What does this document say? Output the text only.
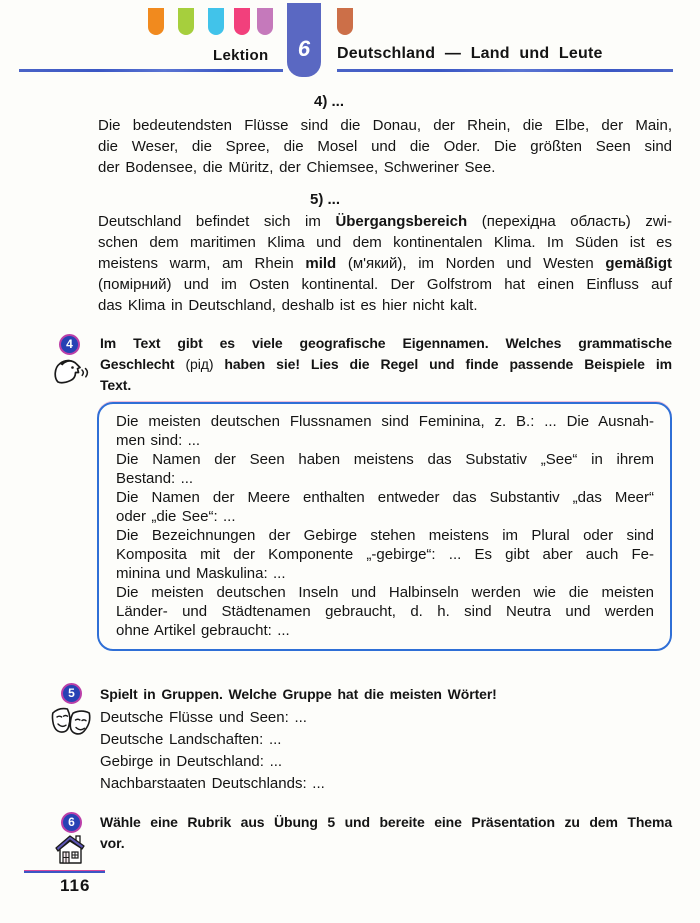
6
Lektion	Deutschland — Land und Leute
4) ...
Die bedeutendsten Flüsse sind die Donau, der Rhein, die Elbe, der Main,
die Weser, die Spree, die Mosel und die Oder. Die größten Seen sind
der Bodensee, die Müritz, der Chiemsee, Schweriner See.
5) ...
Deutschland befindet sich im Übergangsbereich (перехідна область) zwi-
schen dem maritimen Klima und dem kontinentalen Klima. Im Süden ist es
meistens warm, am Rhein mild (м'який), im Norden und Westen gemäßigt
(помірний) und im Osten kontinental. Der Golfstrom hat einen Einfluss auf
das Klima in Deutschland, deshalb ist es hier nicht kalt.
4	Im Text gibt es viele geografische Eigennamen. Welches grammatische
Geschlecht (рід) haben sie! Lies die Regel und finde passende Beispiele im
Text.
Die meisten deutschen Flussnamen sind Feminina, z. B.: ... Die Ausnah-
men sind: ...
Die Namen der Seen haben meistens das Substativ „See“ in ihrem
Bestand: ...
Die Namen der Meere enthalten entweder das Substantiv „das Meer“
oder „die See“: ...
Die Bezeichnungen der Gebirge stehen meistens im Plural oder sind
Komposita mit der Komponente „-gebirge“: ... Es gibt aber auch Fe-
minina und Maskulina: ...
Die meisten deutschen Inseln und Halbinseln werden wie die meisten
Länder- und Städtenamen gebraucht, d. h. sind Neutra und werden
ohne Artikel gebraucht: ...
5	Spielt in Gruppen. Welche Gruppe hat die meisten Wörter!
Deutsche Flüsse und Seen: ...
Deutsche Landschaften: ...
Gebirge in Deutschland: ...
Nachbarstaaten Deutschlands: ...
6	Wähle eine Rubrik aus Übung 5 und bereite eine Präsentation zu dem Thema
vor.
116
